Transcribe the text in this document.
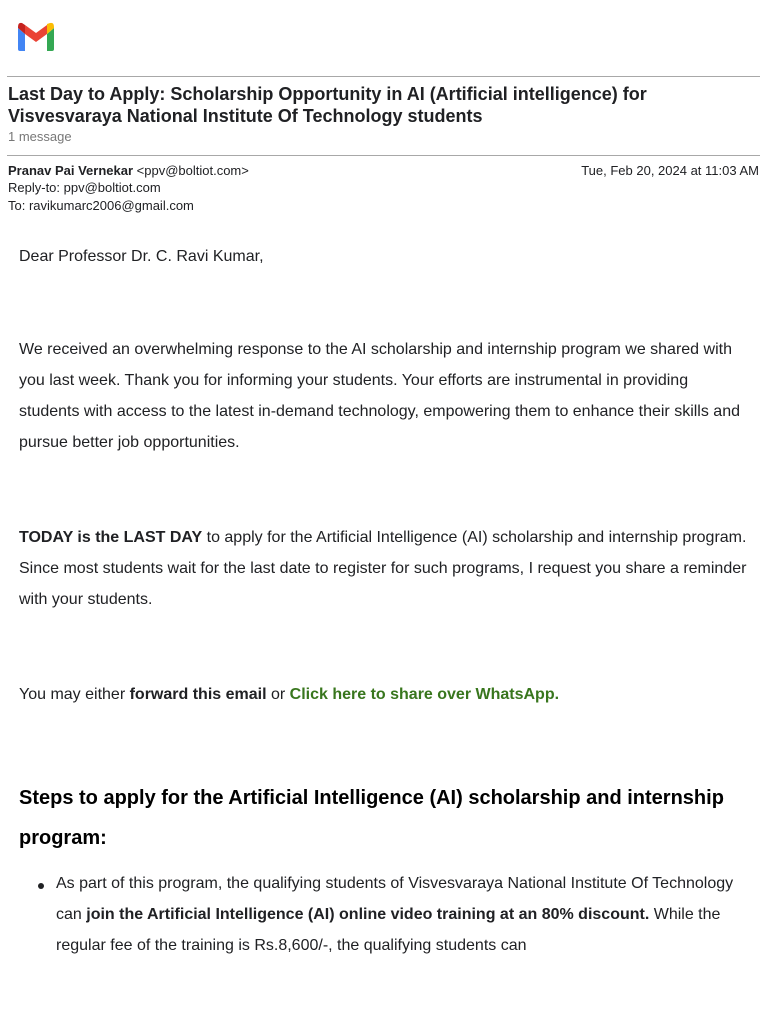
Last Day to Apply: Scholarship Opportunity in AI (Artificial intelligence) for Visvesvaraya National Institute Of Technology students
1 message
Pranav Pai Vernekar <ppv@boltiot.com>	Tue, Feb 20, 2024 at 11:03 AM
Reply-to: ppv@boltiot.com
To: ravikumarc2006@gmail.com
Dear Professor Dr. C. Ravi Kumar,
We received an overwhelming response to the AI scholarship and internship program we shared with you last week. Thank you for informing your students. Your efforts are instrumental in providing students with access to the latest in-demand technology, empowering them to enhance their skills and pursue better job opportunities.
TODAY is the LAST DAY to apply for the Artificial Intelligence (AI) scholarship and internship program. Since most students wait for the last date to register for such programs, I request you share a reminder with your students.
You may either forward this email or Click here to share over WhatsApp.
Steps to apply for the Artificial Intelligence (AI) scholarship and internship program:
As part of this program, the qualifying students of Visvesvaraya National Institute Of Technology can join the Artificial Intelligence (AI) online video training at an 80% discount. While the regular fee of the training is Rs.8,600/-, the qualifying students can
